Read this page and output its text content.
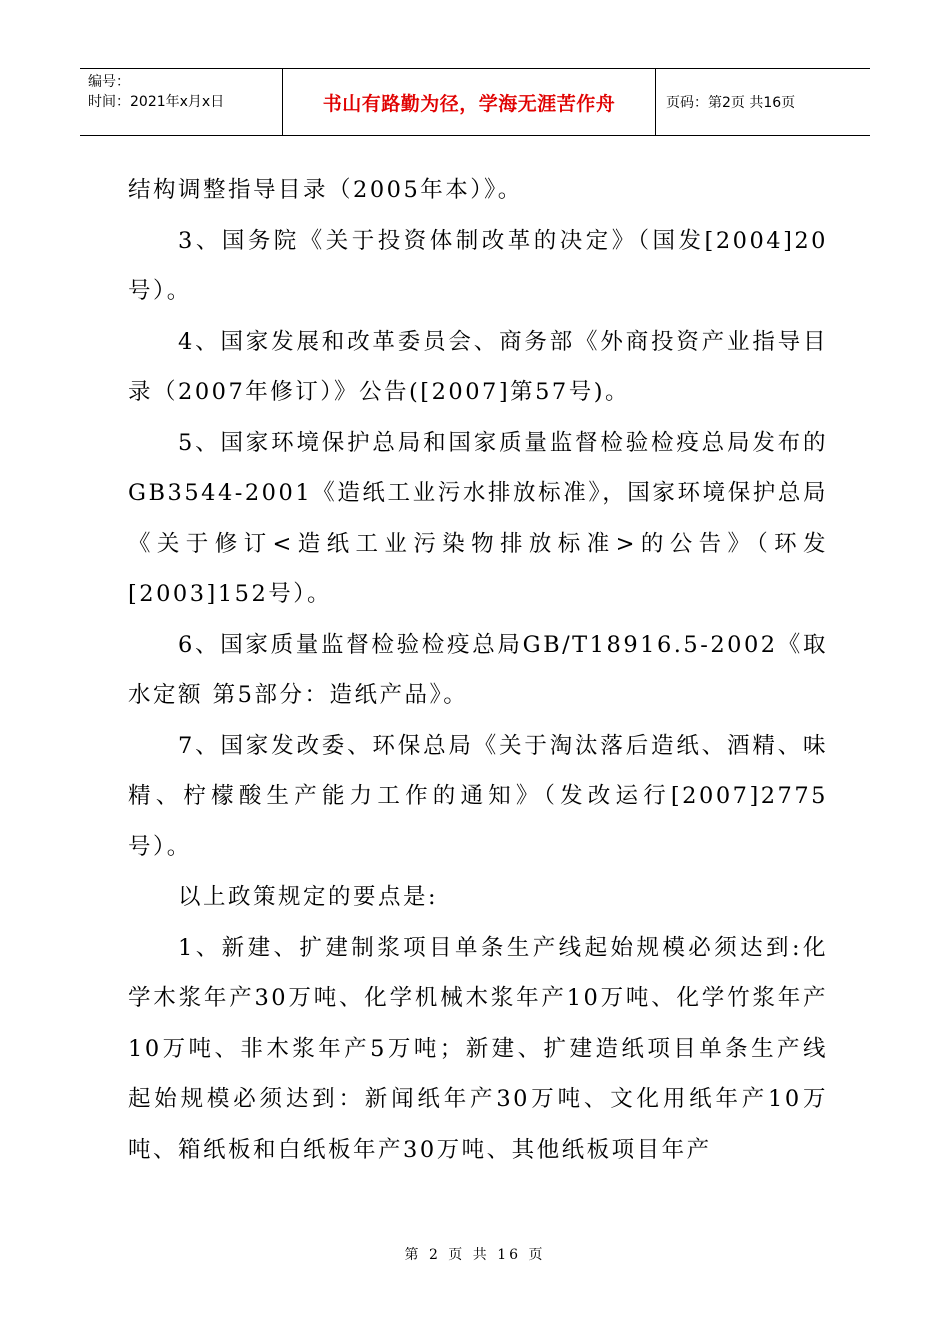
编号：
时间：2021年x月x日	书山有路勤为径，学海无涯苦作舟	页码：第2页 共16页

结构调整指导目录（2005年本）》。

3、国务院《关于投资体制改革的决定》（国发[2004]20号）。

4、国家发展和改革委员会、商务部《外商投资产业指导目录（2007年修订）》公告([2007]第57号)。

5、国家环境保护总局和国家质量监督检验检疫总局发布的GB3544-2001《造纸工业污水排放标准》，国家环境保护总局《关于修订<造纸工业污染物排放标准>的公告》（环发[2003]152号）。

6、国家质量监督检验检疫总局GB/T18916.5-2002《取水定额 第5部分：造纸产品》。

7、国家发改委、环保总局《关于淘汰落后造纸、酒精、味精、柠檬酸生产能力工作的通知》（发改运行[2007]2775号）。

以上政策规定的要点是:

1、新建、扩建制浆项目单条生产线起始规模必须达到:化学木浆年产30万吨、化学机械木浆年产10万吨、化学竹浆年产10万吨、非木浆年产5万吨；新建、扩建造纸项目单条生产线起始规模必须达到：新闻纸年产30万吨、文化用纸年产10万吨、箱纸板和白纸板年产30万吨、其他纸板项目年产

第 2 页 共 16 页
